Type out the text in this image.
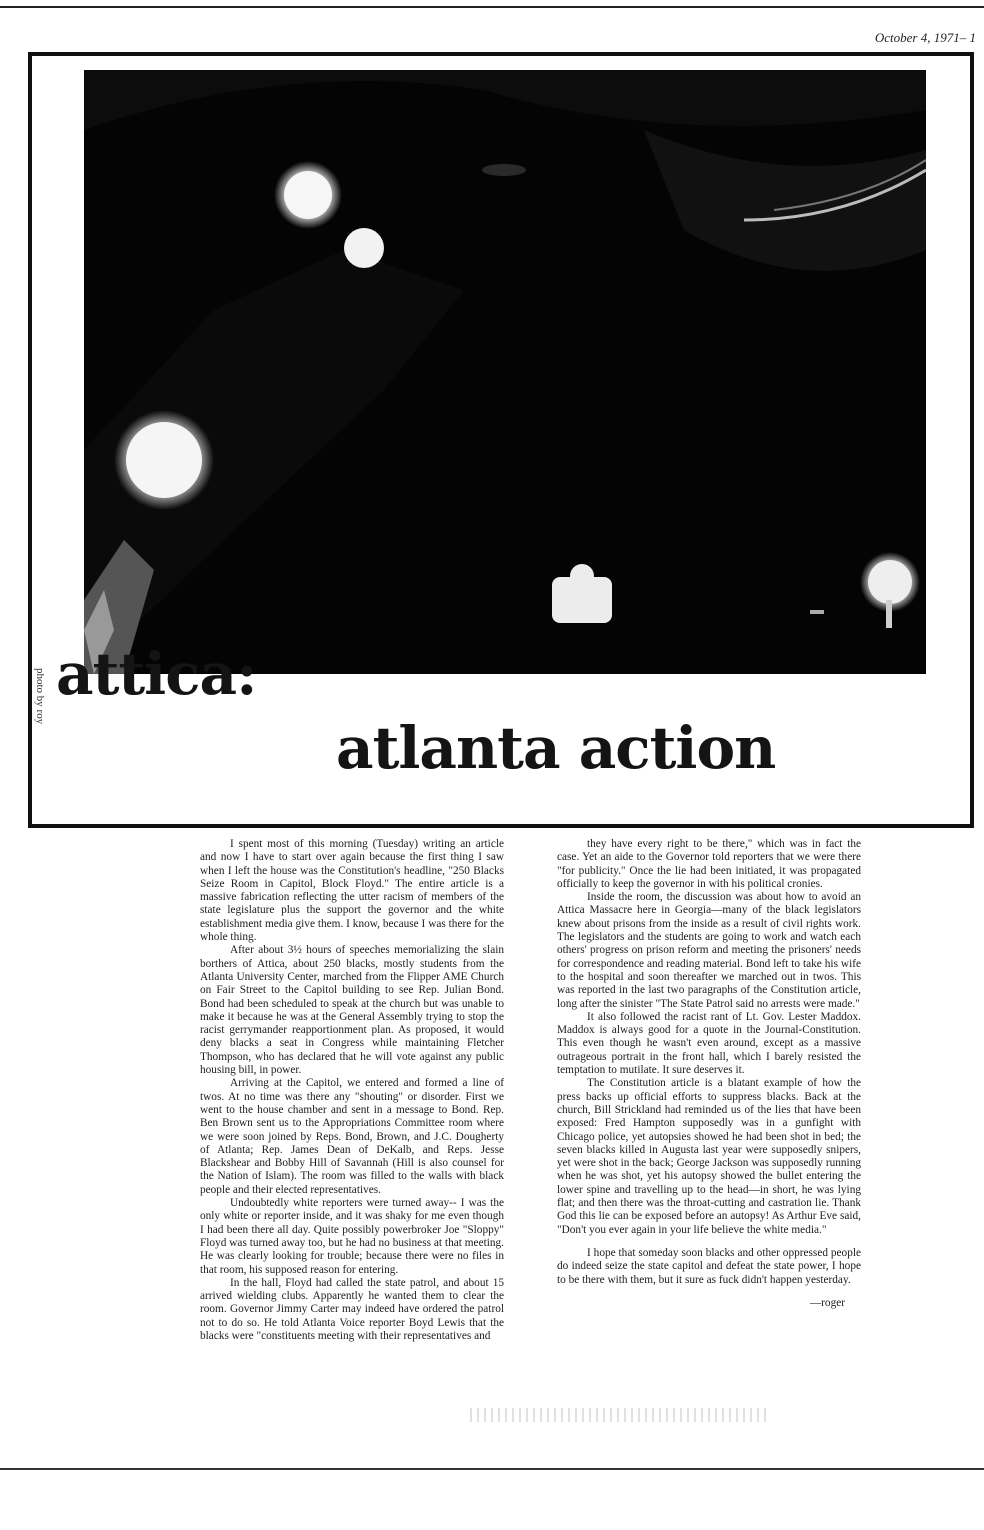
October 4, 1971– 1
photo by roy attica:
atlanta action

I spent most of this morning (Tuesday) writing an article and now I have to start over again because the first thing I saw when I left the house was the Constitution's headline, "250 Blacks Seize Room in Capitol, Block Floyd." The entire article is a massive fabrication reflecting the utter racism of members of the state legislature plus the support the governor and the white establishment media give them. I know, because I was there for the whole thing.

After about 3½ hours of speeches memorializing the slain borthers of Attica, about 250 blacks, mostly students from the Atlanta University Center, marched from the Flipper AME Church on Fair Street to the Capitol building to see Rep. Julian Bond. Bond had been scheduled to speak at the church but was unable to make it because he was at the General Assembly trying to stop the racist gerrymander reapportionment plan. As proposed, it would deny blacks a seat in Congress while maintaining Fletcher Thompson, who has declared that he will vote against any public housing bill, in power.

Arriving at the Capitol, we entered and formed a line of twos. At no time was there any "shouting" or disorder. First we went to the house chamber and sent in a message to Bond. Rep. Ben Brown sent us to the Appropriations Committee room where we were soon joined by Reps. Bond, Brown, and J.C. Dougherty of Atlanta; Rep. James Dean of DeKalb, and Reps. Jesse Blackshear and Bobby Hill of Savannah (Hill is also counsel for the Nation of Islam). The room was filled to the walls with black people and their elected representatives.

Undoubtedly white reporters were turned away-- I was the only white or reporter inside, and it was shaky for me even though I had been there all day. Quite possibly powerbroker Joe "Sloppy" Floyd was turned away too, but he had no business at that meeting. He was clearly looking for trouble; because there were no files in that room, his supposed reason for entering.

In the hall, Floyd had called the state patrol, and about 15 arrived wielding clubs. Apparently he wanted them to clear the room. Governor Jimmy Carter may indeed have ordered the patrol not to do so. He told Atlanta Voice reporter Boyd Lewis that the blacks were "constituents meeting with their representatives and

they have every right to be there," which was in fact the case. Yet an aide to the Governor told reporters that we were there "for publicity." Once the lie had been initiated, it was propagated officially to keep the governor in with his political cronies.

Inside the room, the discussion was about how to avoid an Attica Massacre here in Georgia—many of the black legislators knew about prisons from the inside as a result of civil rights work. The legislators and the students are going to work and watch each others' progress on prison reform and meeting the prisoners' needs for correspondence and reading material. Bond left to take his wife to the hospital and soon thereafter we marched out in twos. This was reported in the last two paragraphs of the Constitution article, long after the sinister "The State Patrol said no arrests were made."

It also followed the racist rant of Lt. Gov. Lester Maddox. Maddox is always good for a quote in the Journal-Constitution. This even though he wasn't even around, except as a massive outrageous portrait in the front hall, which I barely resisted the temptation to mutilate. It sure deserves it.

The Constitution article is a blatant example of how the press backs up official efforts to suppress blacks. Back at the church, Bill Strickland had reminded us of the lies that have been exposed: Fred Hampton supposedly was in a gunfight with Chicago police, yet autopsies showed he had been shot in bed; the seven blacks killed in Augusta last year were supposedly snipers, yet were shot in the back; George Jackson was supposedly running when he was shot, yet his autopsy showed the bullet entering the lower spine and travelling up to the head—in short, he was lying flat; and then there was the throat-cutting and castration lie. Thank God this lie can be exposed before an autopsy! As Arthur Eve said, "Don't you ever again in your life believe the white media."

I hope that someday soon blacks and other oppressed people do indeed seize the state capitol and defeat the state power, I hope to be there with them, but it sure as fuck didn't happen yesterday.

—roger
